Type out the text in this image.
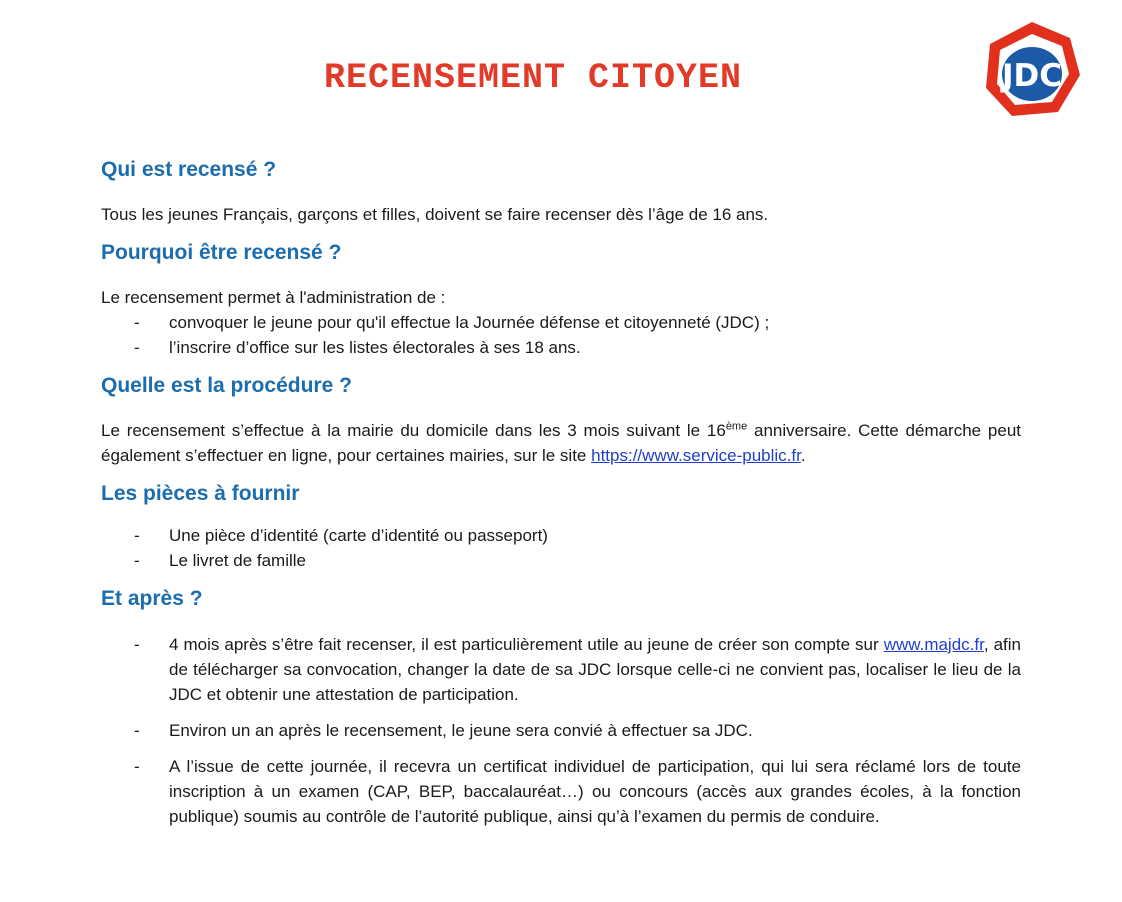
RECENSEMENT CITOYEN	JDC
Qui est recensé ?

Tous les jeunes Français, garçons et filles, doivent se faire recenser dès l’âge de 16 ans.

Pourquoi être recensé ?

Le recensement permet à l'administration de :

- convoquer le jeune pour qu'il effectue la Journée défense et citoyenneté (JDC) ;
- l’inscrire d’office sur les listes électorales à ses 18 ans.
Quelle est la procédure ?

Le recensement s’effectue à la mairie du domicile dans les 3 mois suivant le 16ème anniversaire. Cette démarche peut également s’effectuer en ligne, pour certaines mairies, sur le site https://www.service-public.fr.

Les pièces à fournir
- Une pièce d’identité (carte d’identité ou passeport)
- Le livret de famille
Et après ?
- 4 mois après s’être fait recenser, il est particulièrement utile au jeune de créer son compte sur www.majdc.fr, afin de télécharger sa convocation, changer la date de sa JDC lorsque celle-ci ne convient pas, localiser le lieu de la JDC et obtenir une attestation de participation.
- Environ un an après le recensement, le jeune sera convié à effectuer sa JDC.
- A l’issue de cette journée, il recevra un certificat individuel de participation, qui lui sera réclamé lors de toute inscription à un examen (CAP, BEP, baccalauréat…) ou concours (accès aux grandes écoles, à la fonction publique) soumis au contrôle de l’autorité publique, ainsi qu’à l’examen du permis de conduire.
